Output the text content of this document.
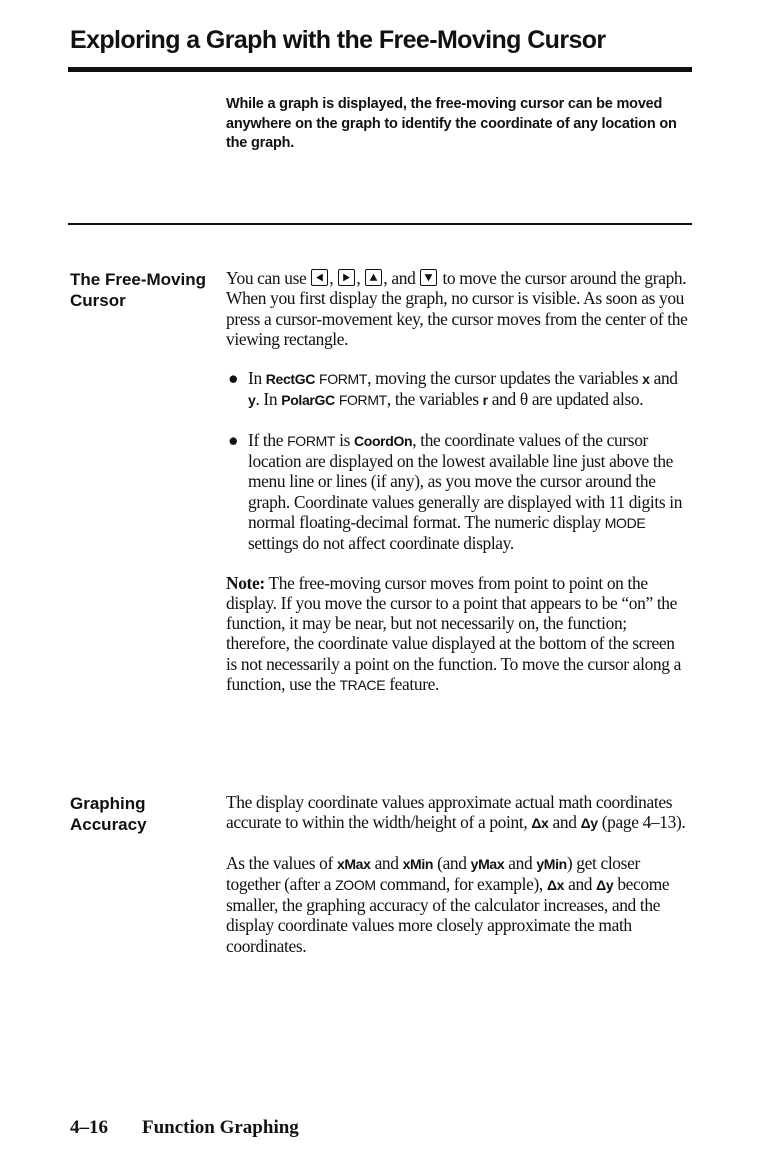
Exploring a Graph with the Free-Moving Cursor

While a graph is displayed, the free-moving cursor can be moved anywhere on the graph to identify the coordinate of any location on the graph.

The Free-Moving
Cursor

You can use , , , and to move the cursor around the graph. When you first display the graph, no cursor is visible. As soon as you press a cursor-movement key, the cursor moves from the center of the viewing rectangle.

● In RectGC FORMT, moving the cursor updates the variables x and y. In PolarGC FORMT, the variables r and θ are updated also.

● If the FORMT is CoordOn, the coordinate values of the cursor location are displayed on the lowest available line just above the menu line or lines (if any), as you move the cursor around the graph. Coordinate values generally are displayed with 11 digits in normal floating-decimal format. The numeric display MODE settings do not affect coordinate display.

Note: The free-moving cursor moves from point to point on the display. If you move the cursor to a point that appears to be “on” the function, it may be near, but not necessarily on, the function; therefore, the coordinate value displayed at the bottom of the screen is not necessarily a point on the function. To move the cursor along a function, use the TRACE feature.

Graphing
Accuracy

The display coordinate values approximate actual math coordinates accurate to within the width/height of a point, Δx and Δy (page 4–13).

As the values of xMax and xMin (and yMax and yMin) get closer together (after a ZOOM command, for example), Δx and Δy become smaller, the graphing accuracy of the calculator increases, and the display coordinate values more closely approximate the math coordinates.

4–16 Function Graphing
